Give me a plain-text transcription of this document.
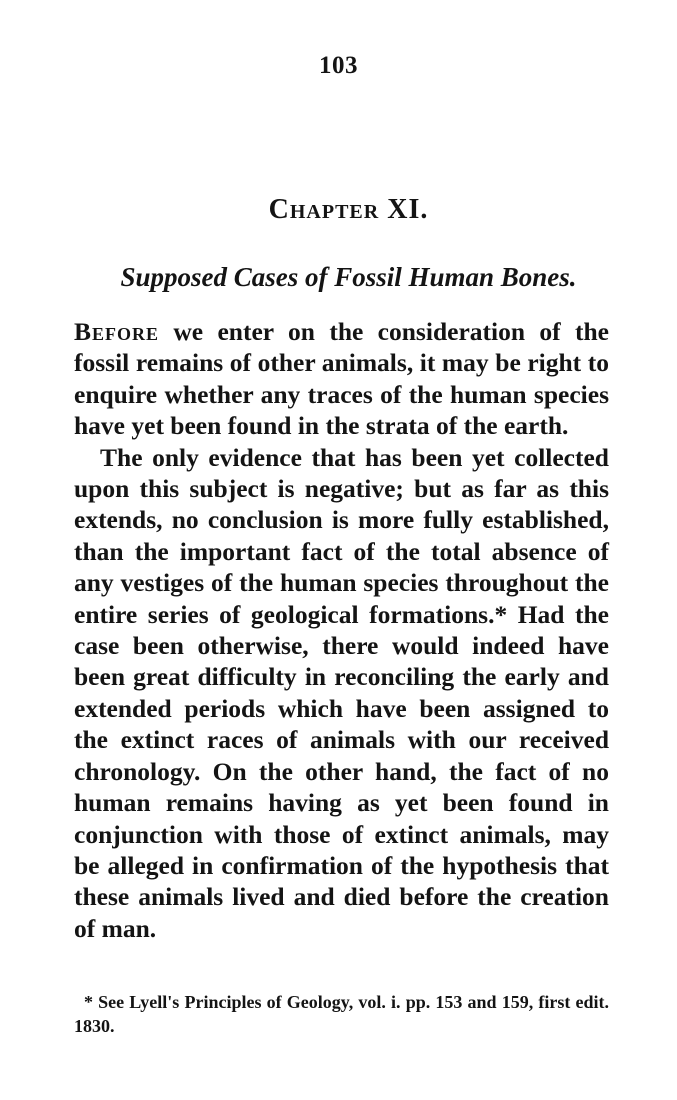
103
Chapter XI.
Supposed Cases of Fossil Human Bones.

Before we enter on the consideration of the fossil remains of other animals, it may be right to enquire whether any traces of the human species have yet been found in the strata of the earth.

The only evidence that has been yet collected upon this subject is negative; but as far as this extends, no conclusion is more fully established, than the important fact of the total absence of any vestiges of the human species throughout the entire series of geological formations.* Had the case been otherwise, there would indeed have been great difficulty in reconciling the early and extended periods which have been assigned to the extinct races of animals with our received chronology. On the other hand, the fact of no human remains having as yet been found in conjunction with those of extinct animals, may be alleged in confirmation of the hypothesis that these animals lived and died before the creation of man.

* See Lyell's Principles of Geology, vol. i. pp. 153 and 159, first edit. 1830.
